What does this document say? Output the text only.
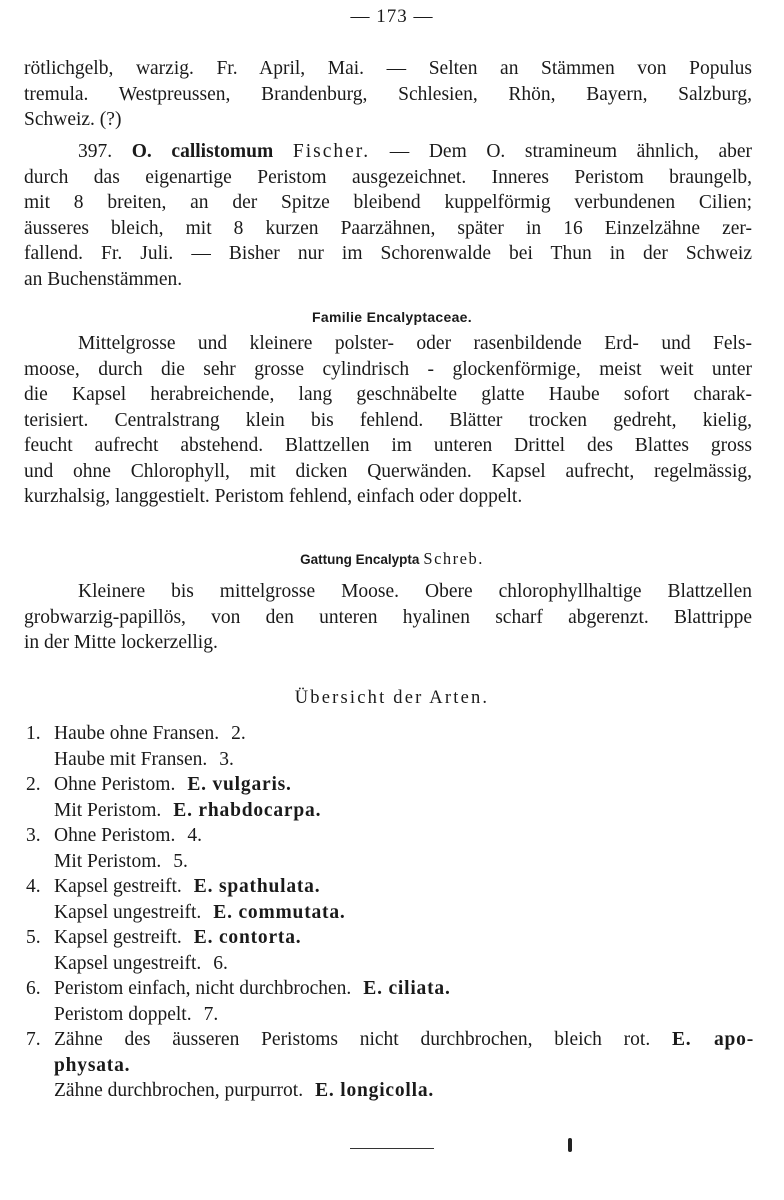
— 173 —
rötlichgelb, warzig. Fr. April, Mai. — Selten an Stämmen von Populus
tremula. Westpreussen, Brandenburg, Schlesien, Rhön, Bayern, Salzburg,
Schweiz. (?)
397. O. callistomum Fischer. — Dem O. stramineum ähnlich, aber
durch das eigenartige Peristom ausgezeichnet. Inneres Peristom braungelb,
mit 8 breiten, an der Spitze bleibend kuppelförmig verbundenen Cilien;
äusseres bleich, mit 8 kurzen Paarzähnen, später in 16 Einzelzähne zer-
fallend. Fr. Juli. — Bisher nur im Schorenwalde bei Thun in der Schweiz
an Buchenstämmen.
Familie Encalyptaceae.
Mittelgrosse und kleinere polster- oder rasenbildende Erd- und Fels-
moose, durch die sehr grosse cylindrisch - glockenförmige, meist weit unter
die Kapsel herabreichende, lang geschnäbelte glatte Haube sofort charak-
terisiert. Centralstrang klein bis fehlend. Blätter trocken gedreht, kielig,
feucht aufrecht abstehend. Blattzellen im unteren Drittel des Blattes gross
und ohne Chlorophyll, mit dicken Querwänden. Kapsel aufrecht, regelmässig,
kurzhalsig, langgestielt. Peristom fehlend, einfach oder doppelt.
Gattung Encalypta Schreb.
Kleinere bis mittelgrosse Moose. Obere chlorophyllhaltige Blattzellen
grobwarzig-papillös, von den unteren hyalinen scharf abgerenzt. Blattrippe
in der Mitte lockerzellig.
Übersicht der Arten.
1. Haube ohne Fransen. 2.
Haube mit Fransen. 3.
2. Ohne Peristom. E. vulgaris.
Mit Peristom. E. rhabdocarpa.
3. Ohne Peristom. 4.
Mit Peristom. 5.
4. Kapsel gestreift. E. spathulata.
Kapsel ungestreift. E. commutata.
5. Kapsel gestreift. E. contorta.
Kapsel ungestreift. 6.
6. Peristom einfach, nicht durchbrochen. E. ciliata.
Peristom doppelt. 7.
7. Zähne des äusseren Peristoms nicht durchbrochen, bleich rot. E. apo-
physata.
Zähne durchbrochen, purpurrot. E. longicolla.
